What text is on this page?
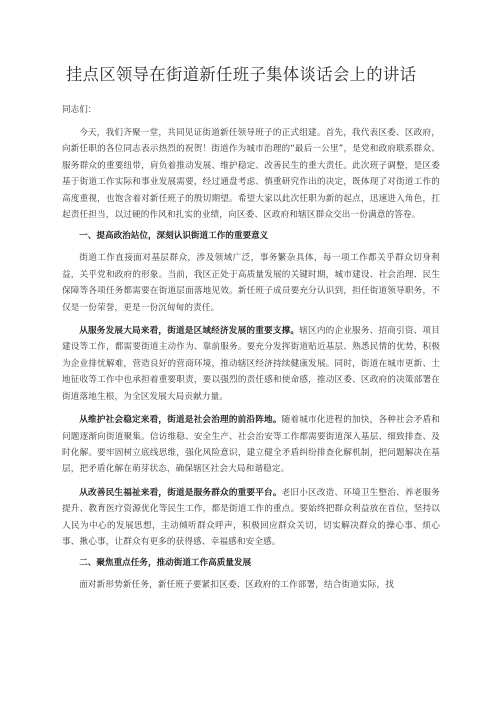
挂点区领导在街道新任班子集体谈话会上的讲话
同志们：

今天，我们齐聚一堂，共同见证街道新任领导班子的正式组建。首先，我代表区委、区政府，向新任职的各位同志表示热烈的祝贺！街道作为城市治理的“最后一公里”，是党和政府联系群众、服务群众的重要纽带，肩负着推动发展、维护稳定、改善民生的重大责任。此次班子调整，是区委基于街道工作实际和事业发展需要，经过通盘考虑、慎重研究作出的决定，既体现了对街道工作的高度重视，也饱含着对新任班子的殷切期望。希望大家以此次任职为新的起点，迅速进入角色，扛起责任担当，以过硬的作风和扎实的业绩，向区委、区政府和辖区群众交出一份满意的答卷。

一、提高政治站位，深刻认识街道工作的重要意义

街道工作直接面对基层群众，涉及领域广泛，事务繁杂具体，每一项工作都关乎群众切身利益，关乎党和政府的形象。当前，我区正处于高质量发展的关键时期，城市建设、社会治理、民生保障等各项任务都需要在街道层面落地见效。新任班子成员要充分认识到，担任街道领导职务，不仅是一份荣誉，更是一份沉甸甸的责任。

从服务发展大局来看，街道是区域经济发展的重要支撑。辖区内的企业服务、招商引资、项目建设等工作，都需要街道主动作为、靠前服务。要充分发挥街道贴近基层、熟悉民情的优势，积极为企业排忧解难，营造良好的营商环境，推动辖区经济持续健康发展。同时，街道在城市更新、土地征收等工作中也承担着重要职责，要以强烈的责任感和使命感，推动区委、区政府的决策部署在街道落地生根，为全区发展大局贡献力量。

从维护社会稳定来看，街道是社会治理的前沿阵地。随着城市化进程的加快，各种社会矛盾和问题逐渐向街道聚集。信访维稳、安全生产、社会治安等工作都需要街道深入基层、细致排查、及时化解。要牢固树立底线思维，强化风险意识，建立健全矛盾纠纷排查化解机制，把问题解决在基层，把矛盾化解在萌芽状态，确保辖区社会大局和谐稳定。

从改善民生福祉来看，街道是服务群众的重要平台。老旧小区改造、环境卫生整治、养老服务提升、教育医疗资源优化等民生工作，都是街道工作的重点。要始终把群众利益放在首位，坚持以人民为中心的发展思想，主动倾听群众呼声，积极回应群众关切，切实解决群众的操心事、烦心事、揪心事，让群众有更多的获得感、幸福感和安全感。

二、聚焦重点任务，推动街道工作高质量发展

面对新形势新任务，新任班子要紧扣区委、区政府的工作部署，结合街道实际，找
